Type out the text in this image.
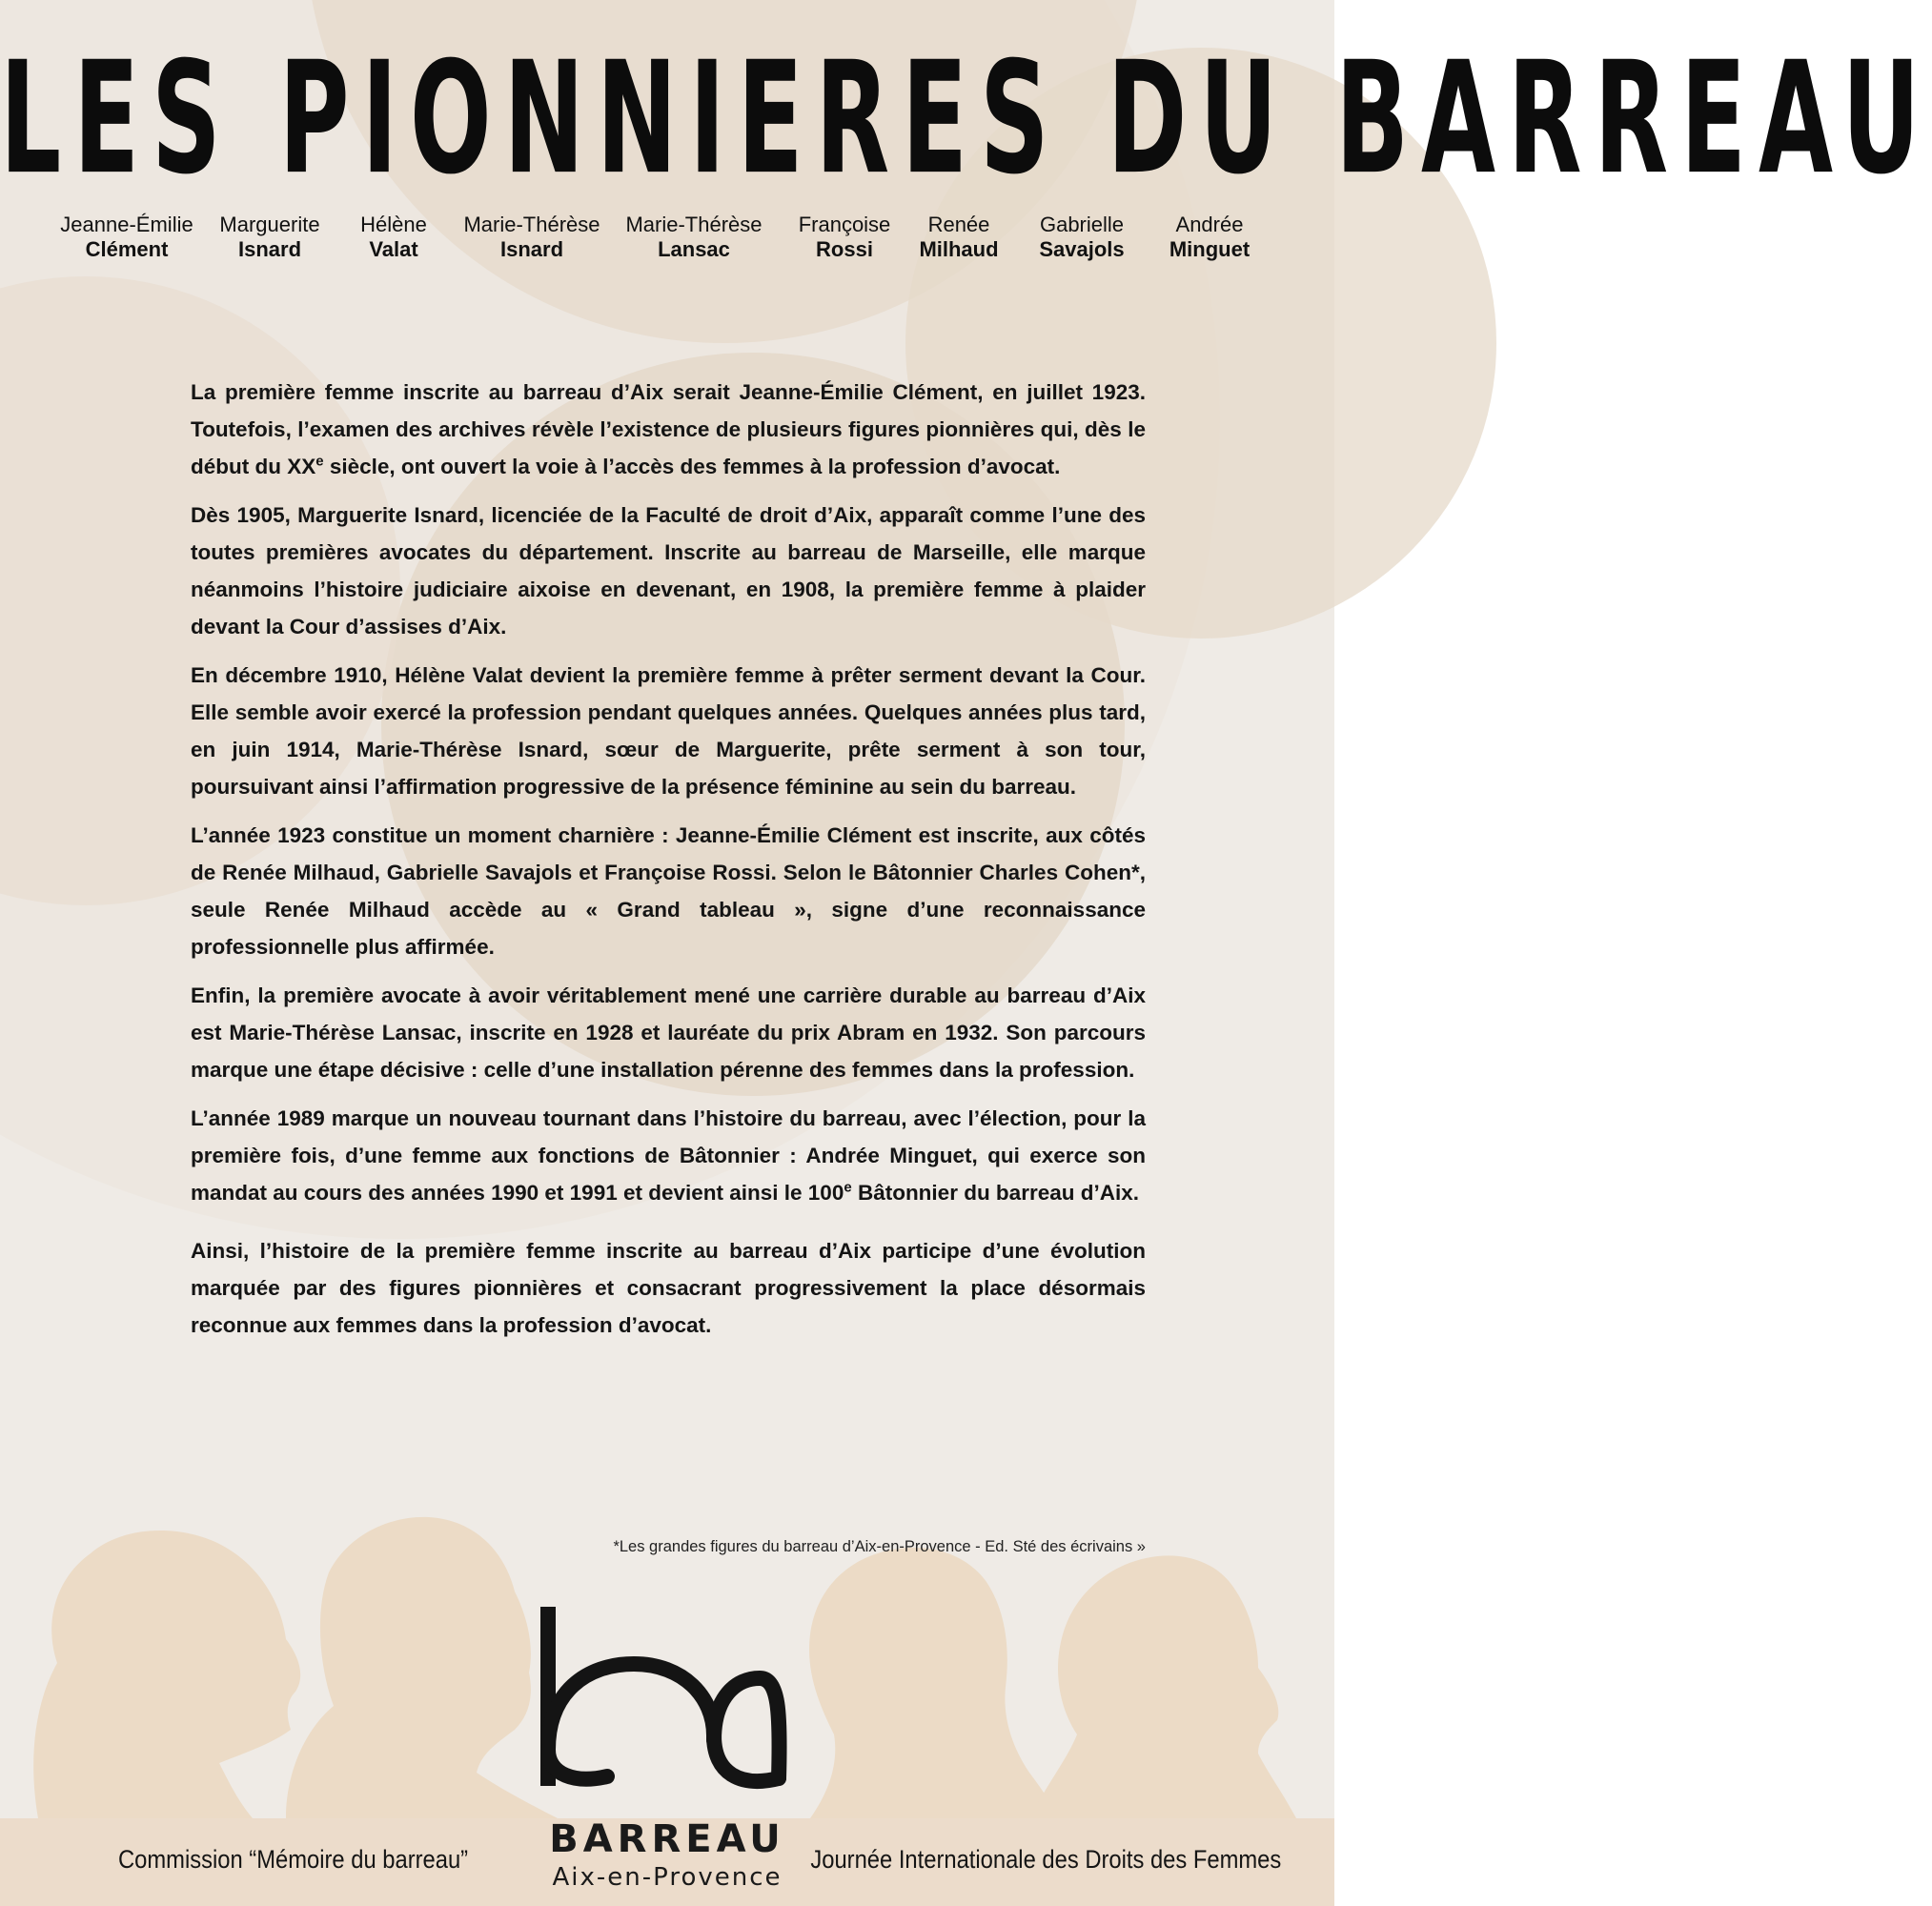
LES PIONNIERES DU BARREAU
Jeanne-Émilie
Clément
Marguerite
Isnard
Hélène
Valat
Marie-Thérèse
Isnard
Marie-Thérèse
Lansac
Françoise
Rossi
Renée
Milhaud
Gabrielle
Savajols
Andrée
Minguet

La première femme inscrite au barreau d’Aix serait Jeanne-Émilie Clément, en juillet 1923. Toutefois, l’examen des archives révèle l’existence de plusieurs figures pionnières qui, dès le début du XXe siècle, ont ouvert la voie à l’accès des femmes à la profession d’avocat.

Dès 1905, Marguerite Isnard, licenciée de la Faculté de droit d’Aix, apparaît comme l’une des toutes premières avocates du département. Inscrite au barreau de Marseille, elle marque néanmoins l’histoire judiciaire aixoise en devenant, en 1908, la première femme à plaider devant la Cour d’assises d’Aix.

En décembre 1910, Hélène Valat devient la première femme à prêter serment devant la Cour. Elle semble avoir exercé la profession pendant quelques années. Quelques années plus tard, en juin 1914, Marie-Thérèse Isnard, sœur de Marguerite, prête serment à son tour, poursuivant ainsi l’affirmation progressive de la présence féminine au sein du barreau.

L’année 1923 constitue un moment charnière : Jeanne-Émilie Clément est inscrite, aux côtés de Renée Milhaud, Gabrielle Savajols et Françoise Rossi. Selon le Bâtonnier Charles Cohen*, seule Renée Milhaud accède au « Grand tableau », signe d’une reconnaissance professionnelle plus affirmée.

Enfin, la première avocate à avoir véritablement mené une carrière durable au barreau d’Aix est Marie-Thérèse Lansac, inscrite en 1928 et lauréate du prix Abram en 1932. Son parcours marque une étape décisive : celle d’une installation pérenne des femmes dans la profession.

L’année 1989 marque un nouveau tournant dans l’histoire du barreau, avec l’élection, pour la première fois, d’une femme aux fonctions de Bâtonnier : Andrée Minguet, qui exerce son mandat au cours des années 1990 et 1991 et devient ainsi le 100e Bâtonnier du barreau d’Aix.

Ainsi, l’histoire de la première femme inscrite au barreau d’Aix participe d’une évolution marquée par des figures pionnières et consacrant progressivement la place désormais reconnue aux femmes dans la profession d’avocat.

*Les grandes figures du barreau d’Aix-en-Provence - Ed. Sté des écrivains »
Commission “Mémoire du barreau”	Journée Internationale des Droits des Femmes
BARREAU
Aix-en-Provence
